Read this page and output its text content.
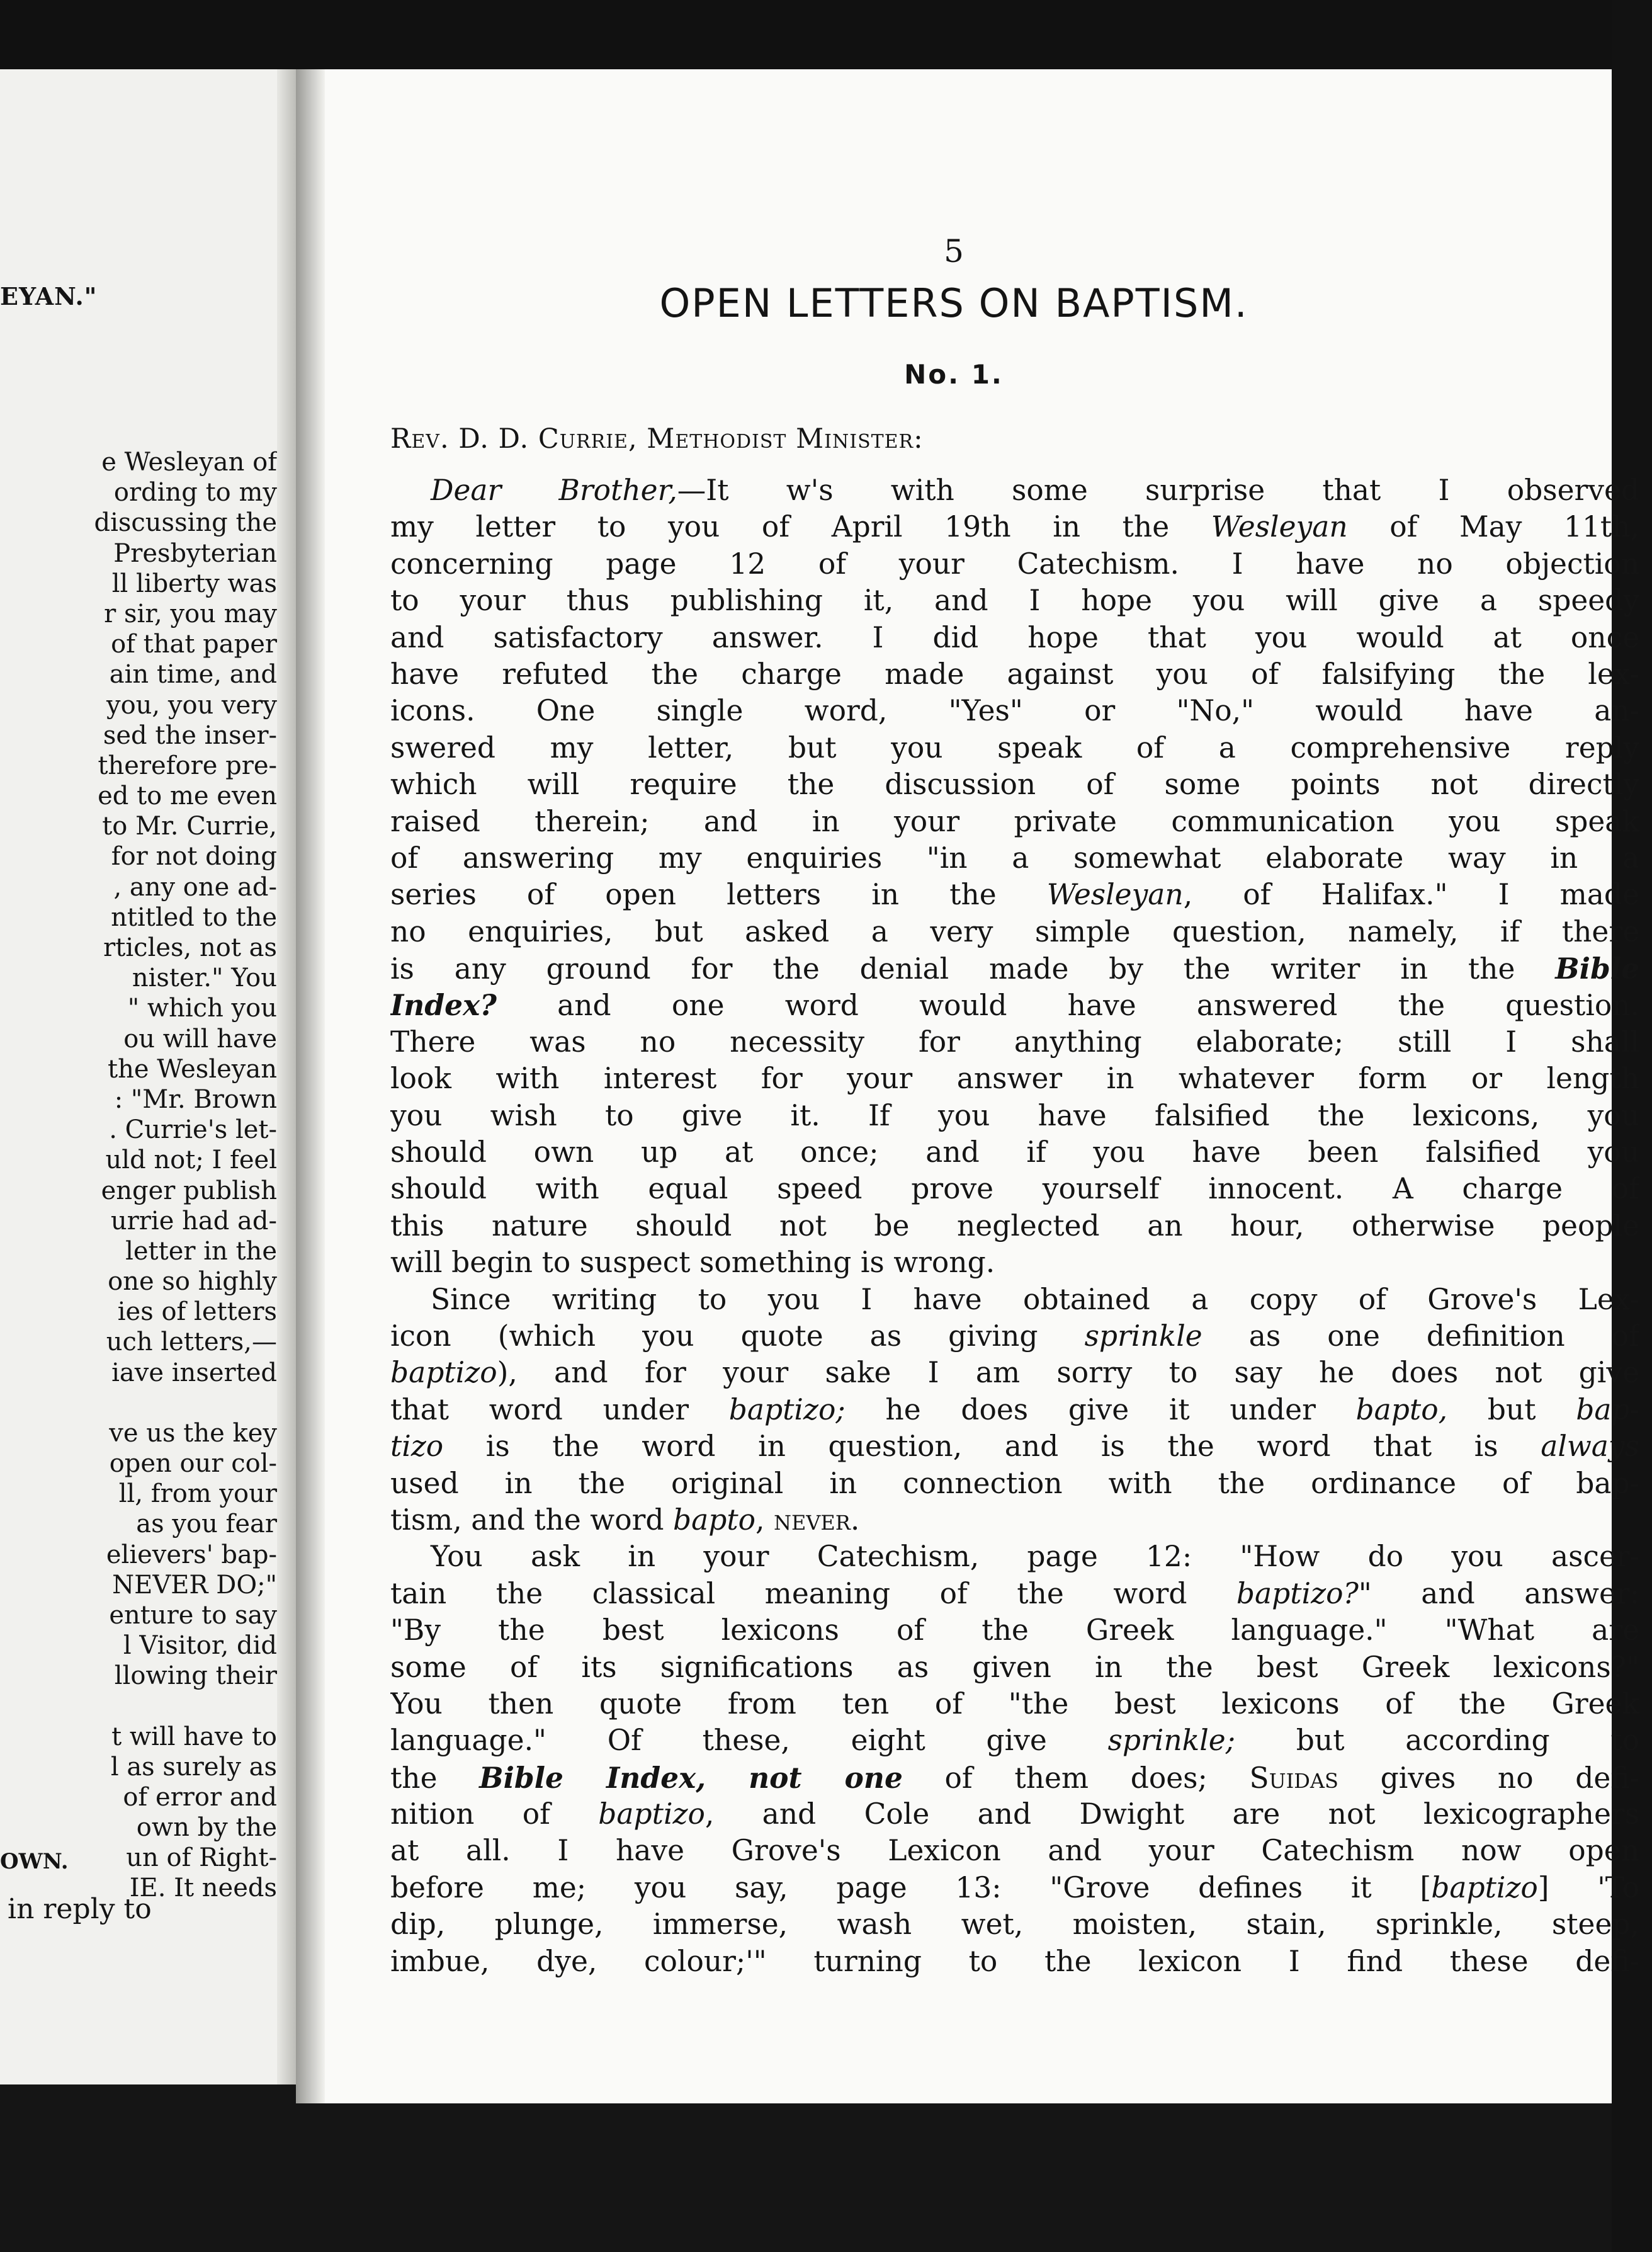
EYAN."
e Wesleyan of
ording to my
discussing the
Presbyterian
ll liberty was
r sir, you may
of that paper
ain time, and
you, you very
sed the inser-
therefore pre-
ed to me even
to Mr. Currie,
for not doing
, any one ad-
ntitled to the
rticles, not as
nister." You
" which you
ou will have
the Wesleyan
: "Mr. Brown
. Currie's let-
uld not; I feel
enger publish
urrie had ad-
letter in the
one so highly
ies of letters
uch letters,—
iave inserted
ve us the key
open our col-
ll, from your
as you fear
elievers' bap-
NEVER DO;"
enture to say
l Visitor, did
llowing their
t will have to
l as surely as
of error and
own by the
un of Right-
IE. It needs
OWN.
in reply to
5
OPEN LETTERS ON BAPTISM.
No. 1.
Rev. D. D. Currie, Methodist Minister:
Dear Brother,—It w's with some surprise that I observed
my letter to you of April 19th in the Wesleyan of May 11th,
concerning page 12 of your Catechism. I have no objection
to your thus publishing it, and I hope you will give a speedy
and satisfactory answer. I did hope that you would at once
have refuted the charge made against you of falsifying the lex-
icons. One single word, "Yes" or "No," would have an-
swered my letter, but you speak of a comprehensive reply
which will require the discussion of some points not directly
raised therein; and in your private communication you speak
of answering my enquiries "in a somewhat elaborate way in a
series of open letters in the Wesleyan, of Halifax." I made
no enquiries, but asked a very simple question, namely, if there
is any ground for the denial made by the writer in the Bible
Index? and one word would have answered the question.
There was no necessity for anything elaborate; still I shall
look with interest for your answer in whatever form or length
you wish to give it. If you have falsified the lexicons, you
should own up at once; and if you have been falsified you
should with equal speed prove yourself innocent. A charge of
this nature should not be neglected an hour, otherwise people
will begin to suspect something is wrong.
Since writing to you I have obtained a copy of Grove's Lex-
icon (which you quote as giving sprinkle as one definition of
baptizo), and for your sake I am sorry to say he does not give
that word under baptizo; he does give it under bapto, but bap-
tizo is the word in question, and is the word that is always
used in the original in connection with the ordinance of bap-
tism, and the word bapto, never.
You ask in your Catechism, page 12: "How do you ascer-
tain the classical meaning of the word baptizo?" and answer:
"By the best lexicons of the Greek language." "What are
some of its significations as given in the best Greek lexicons?"
You then quote from ten of "the best lexicons of the Greek
language." Of these, eight give sprinkle; but according to
the Bible Index, not one of them does; Suidas gives no defi-
nition of baptizo, and Cole and Dwight are not lexicographers
at all. I have Grove's Lexicon and your Catechism now open
before me; you say, page 13: "Grove defines it [baptizo] 'To
dip, plunge, immerse, wash wet, moisten, stain, sprinkle, steep,
imbue, dye, colour;'" turning to the lexicon I find these defi-
